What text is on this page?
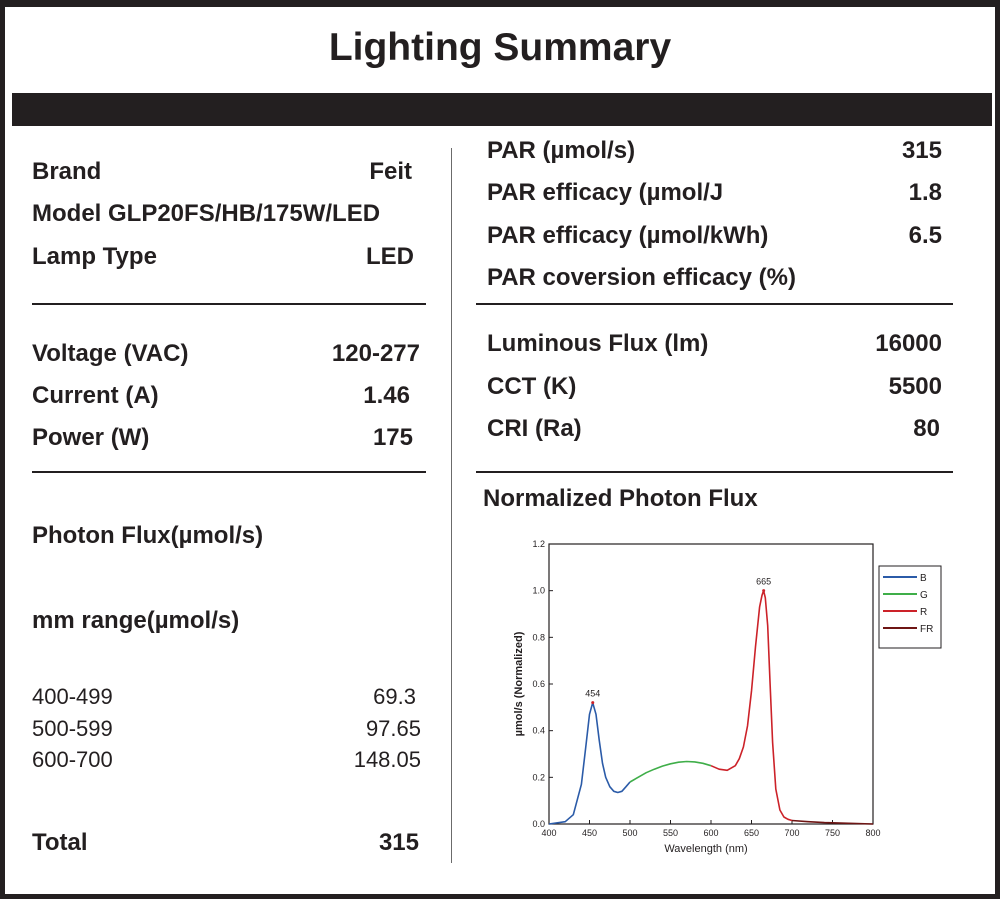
Lighting Summary
Brand	Feit
Model GLP20FS/HB/175W/LED
Lamp Type	LED
Voltage (VAC)	120-277
Current (A)	1.46
Power (W)	175
Photon Flux(µmol/s)
mm range(µmol/s)
400-499	69.3
500-599	97.65
600-700	148.05
Total	315
PAR (µmol/s)	315
PAR efficacy (µmol/J	1.8
PAR efficacy (µmol/kWh)	6.5
PAR coversion efficacy (%)
Luminous Flux (lm)	16000
CCT (K)	5500
CRI (Ra)	80
Normalized Photon Flux
400	450	500	550	600	650	700	750	800
0.0
0.2
0.4
0.6
0.8
1.0
1.2
Wavelength (nm)
µmol/s (Normalized)	454
665	B
G
R
FR
